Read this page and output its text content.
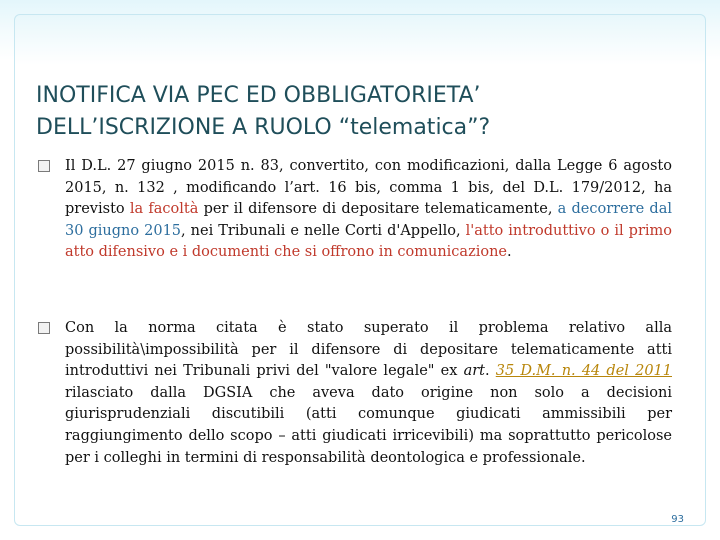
INOTIFICA VIA PEC ED OBBLIGATORIETA’
DELL’ISCRIZIONE A RUOLO “telematica”?
Il D.L. 27 giugno 2015 n. 83, convertito, con modificazioni, dalla Legge 6 agosto 2015, n. 132 , modificando l’art. 16 bis, comma 1 bis, del D.L. 179/2012, ha previsto la facoltà per il difensore di depositare telematicamente, a decorrere dal 30 giugno 2015, nei Tribunali e nelle Corti d'Appello, l'atto introduttivo o il primo atto difensivo e i documenti che si offrono in comunicazione.
Con la norma citata è stato superato il problema relativo alla possibilità\impossibilità per il difensore di depositare telematicamente atti introduttivi nei Tribunali privi del "valore legale" ex art. 35 D.M. n. 44 del 2011 rilasciato dalla DGSIA che aveva dato origine non solo a decisioni giurisprudenziali discutibili (atti comunque giudicati ammissibili per raggiungimento dello scopo – atti giudicati irricevibili) ma soprattutto pericolose per i colleghi in termini di responsabilità deontologica e professionale.
93
